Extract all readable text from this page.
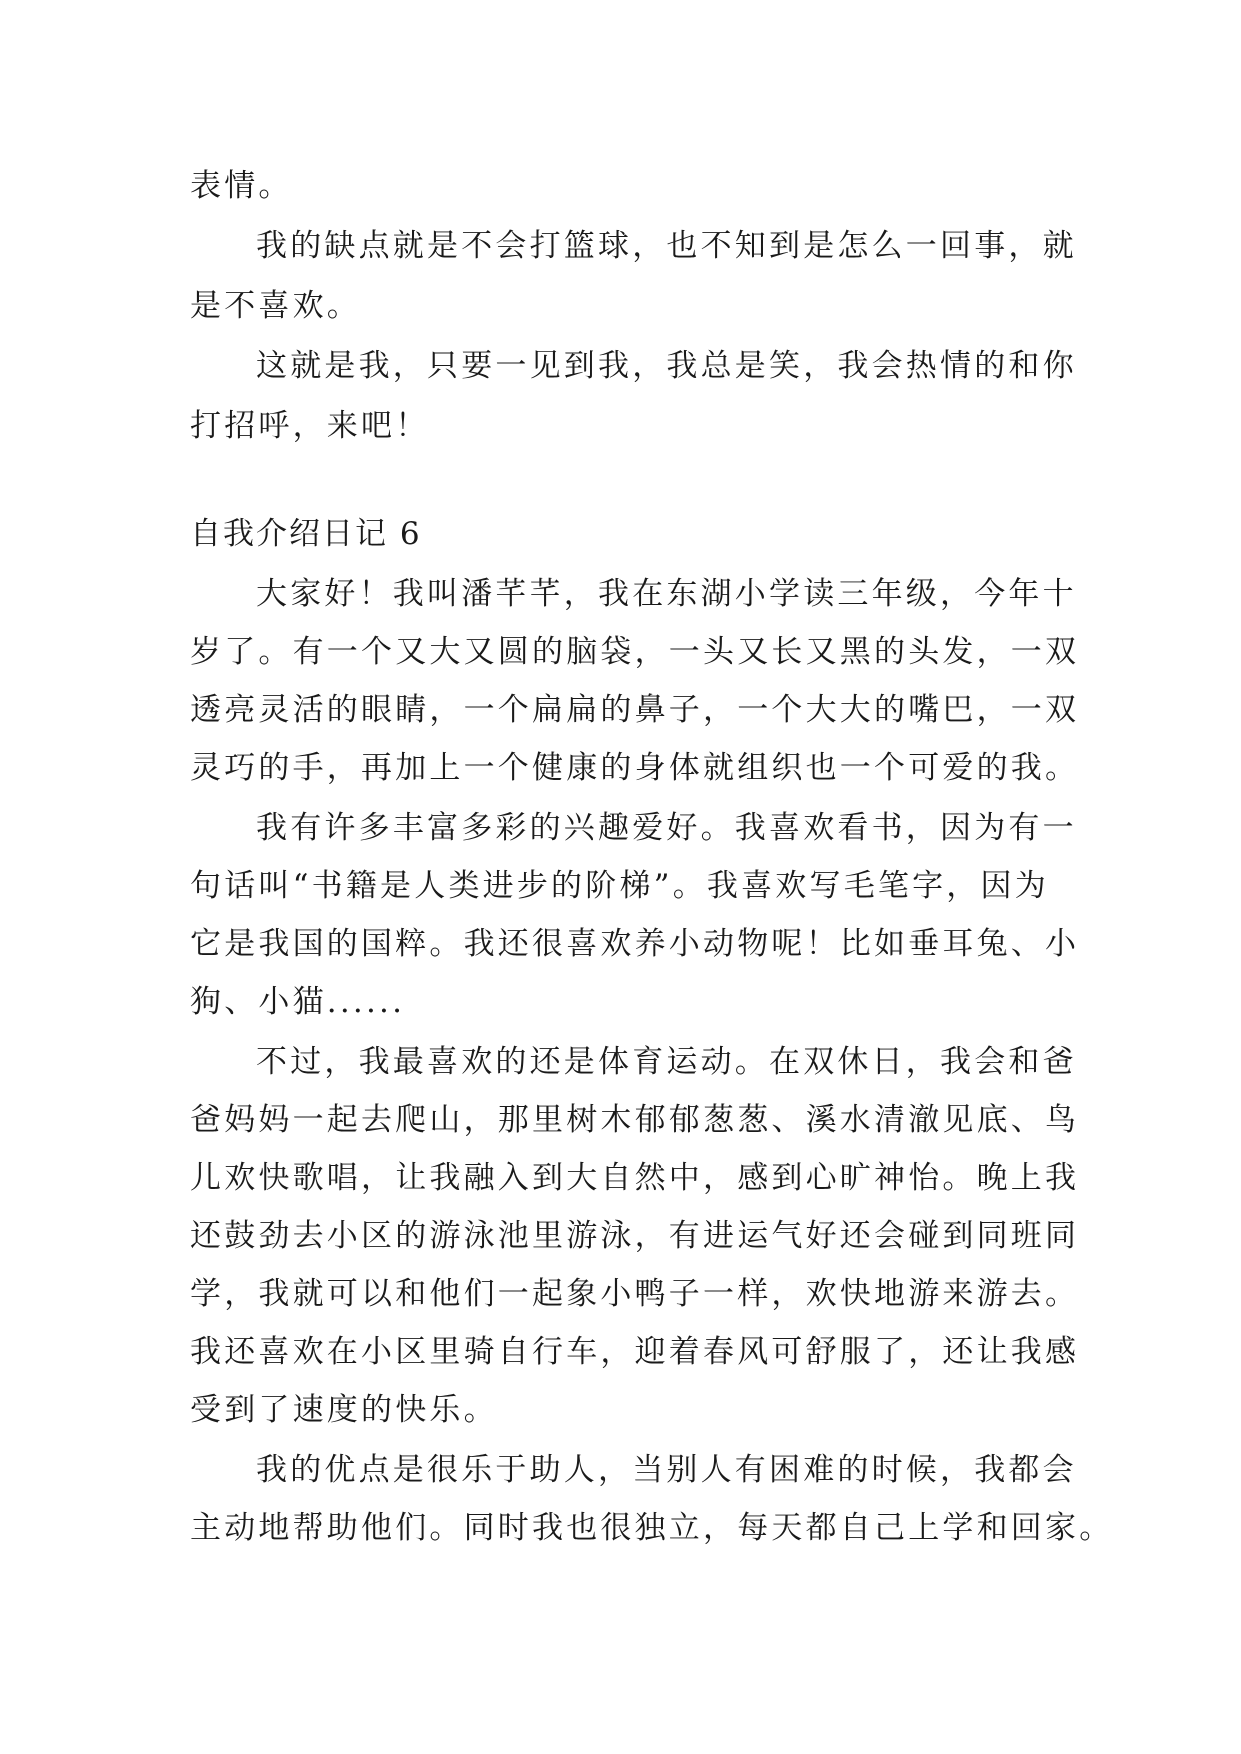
表情。
我的缺点就是不会打篮球，也不知到是怎么一回事，就
是不喜欢。
这就是我，只要一见到我，我总是笑，我会热情的和你
打招呼，来吧！
自我介绍日记 6
大家好！我叫潘芊芊，我在东湖小学读三年级，今年十
岁了。有一个又大又圆的脑袋，一头又长又黑的头发，一双
透亮灵活的眼睛，一个扁扁的鼻子，一个大大的嘴巴，一双
灵巧的手，再加上一个健康的身体就组织也一个可爱的我。
我有许多丰富多彩的兴趣爱好。我喜欢看书，因为有一
句话叫“书籍是人类进步的阶梯”。我喜欢写毛笔字，因为
它是我国的国粹。我还很喜欢养小动物呢！比如垂耳兔、小
狗、小猫......
不过，我最喜欢的还是体育运动。在双休日，我会和爸
爸妈妈一起去爬山，那里树木郁郁葱葱、溪水清澈见底、鸟
儿欢快歌唱，让我融入到大自然中，感到心旷神怡。晚上我
还鼓劲去小区的游泳池里游泳，有进运气好还会碰到同班同
学，我就可以和他们一起象小鸭子一样，欢快地游来游去。
我还喜欢在小区里骑自行车，迎着春风可舒服了，还让我感
受到了速度的快乐。
我的优点是很乐于助人，当别人有困难的时候，我都会
主动地帮助他们。同时我也很独立，每天都自己上学和回家。
